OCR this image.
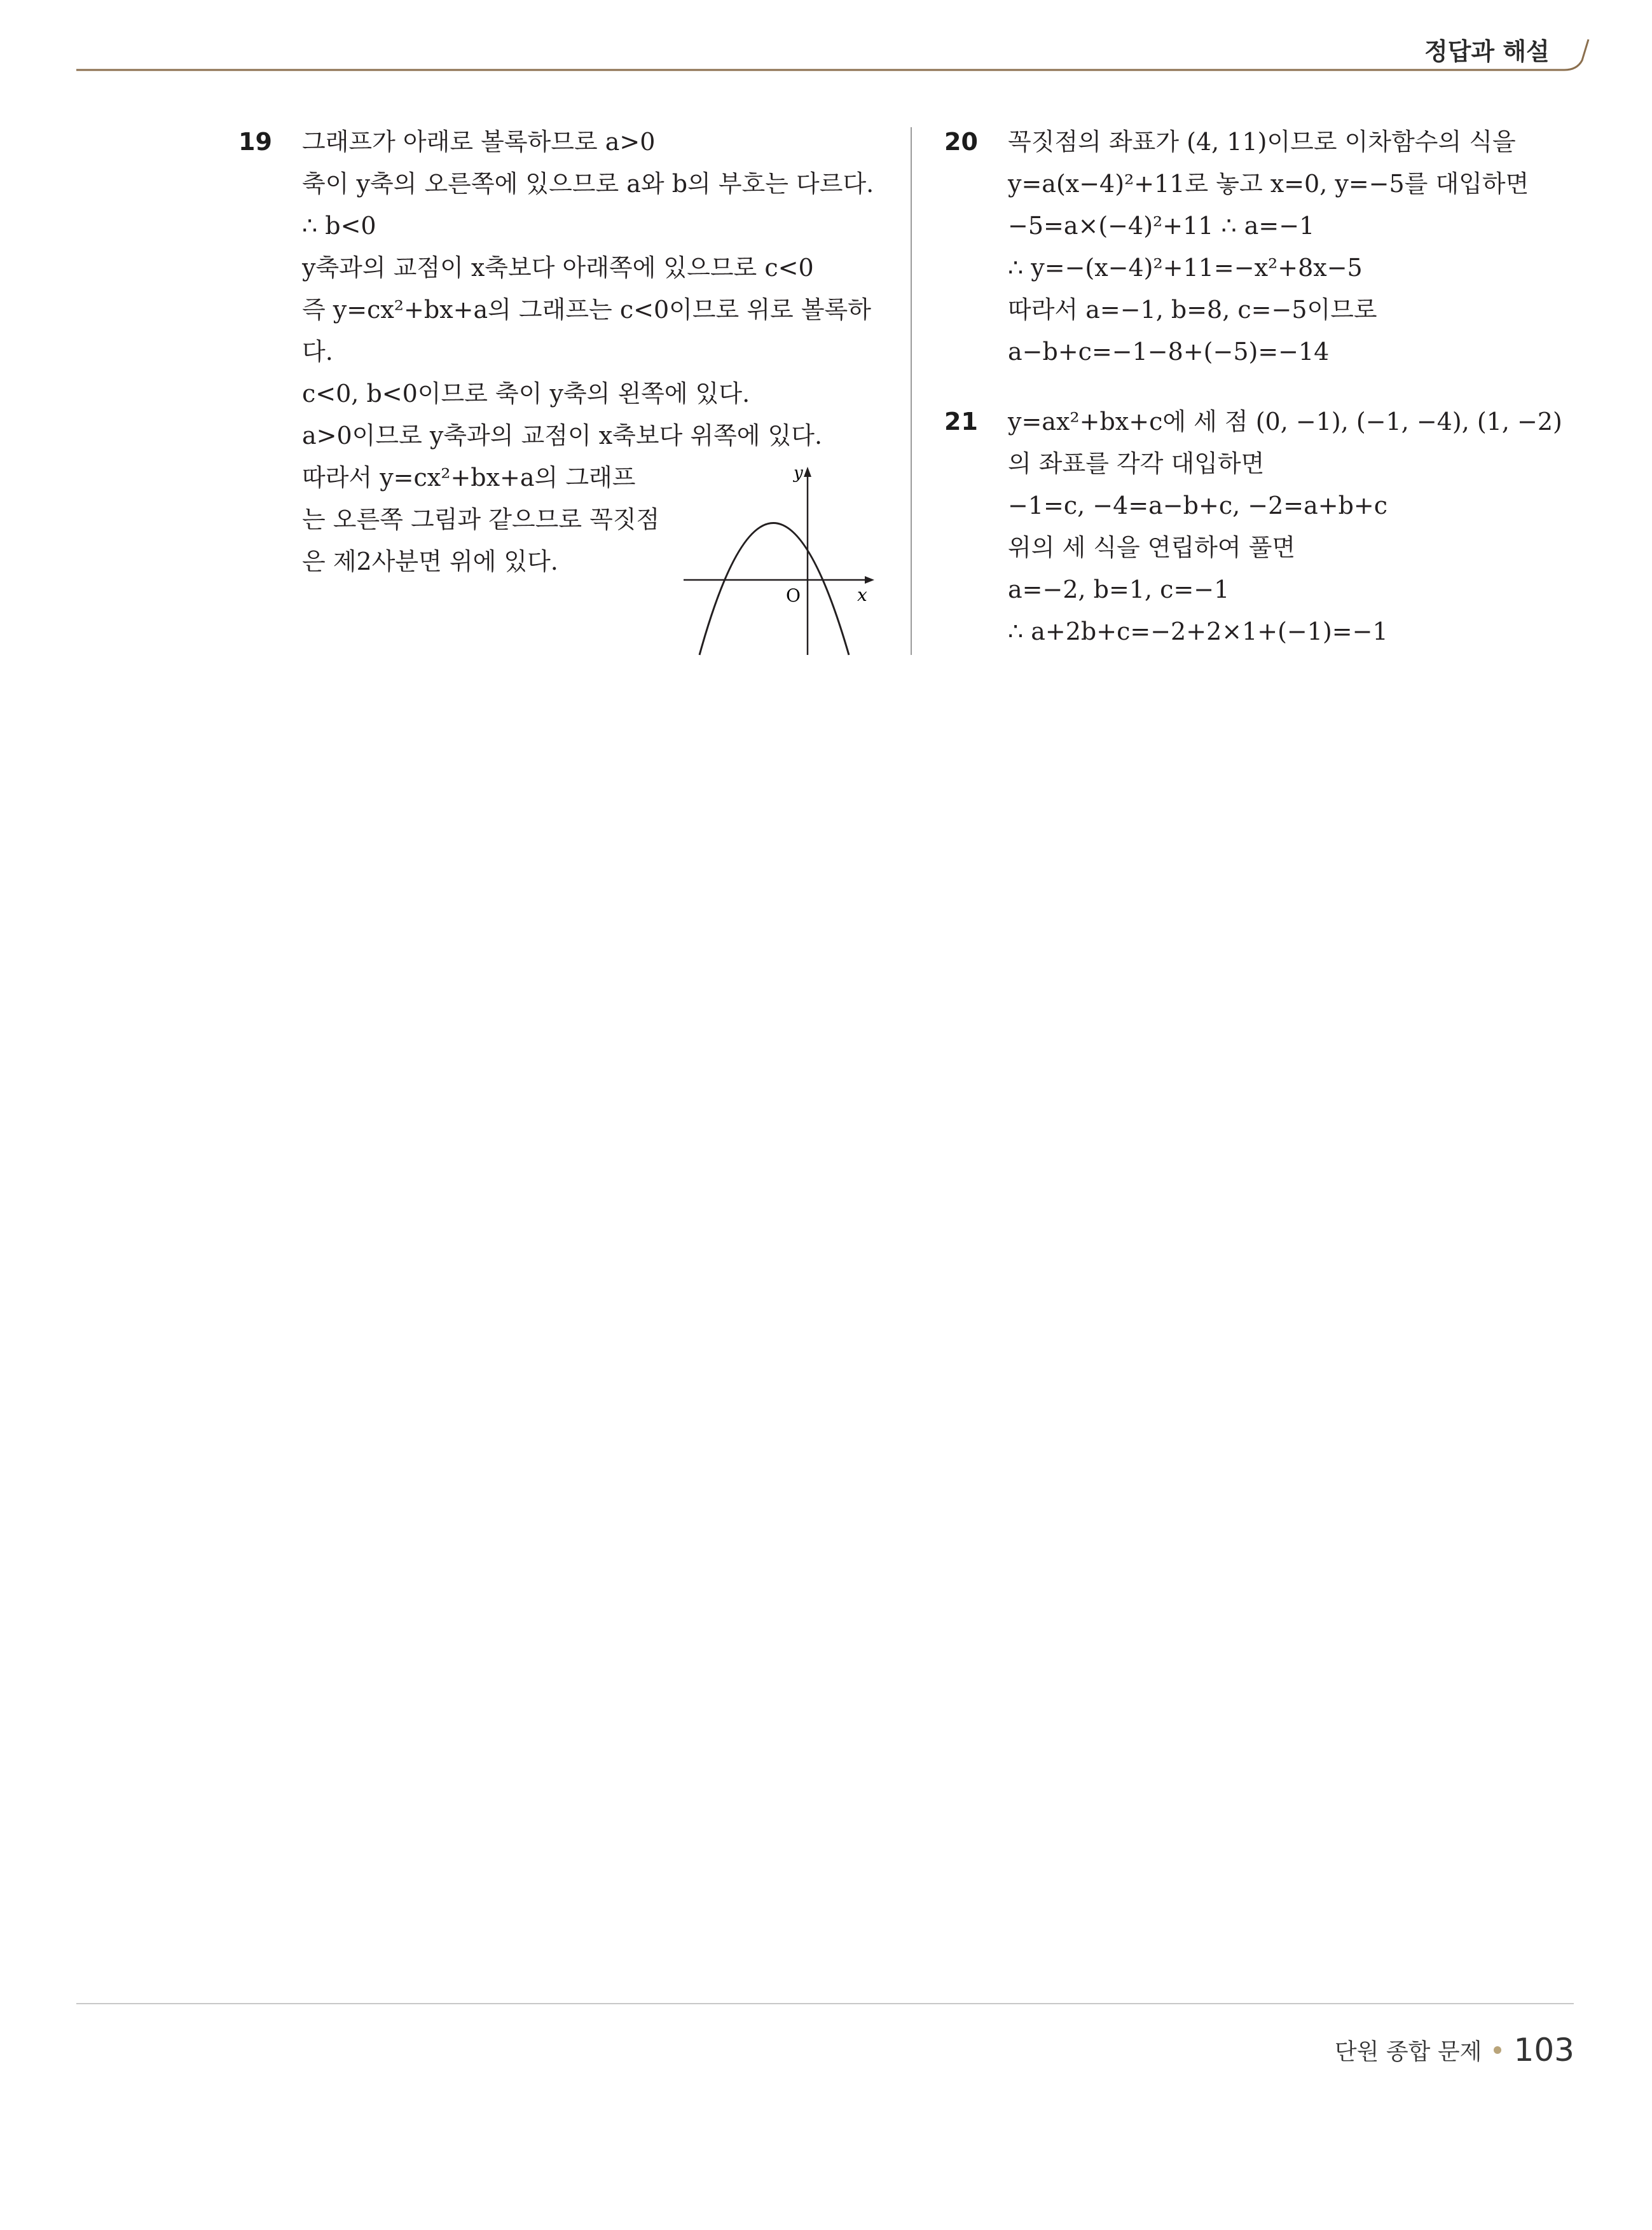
정답과 해설
19 그래프가 아래로 볼록하므로 a>0
축이 y축의 오른쪽에 있으므로 a와 b의 부호는 다르다.
∴ b<0
y축과의 교점이 x축보다 아래쪽에 있으므로 c<0
즉 y=cx²+bx+a의 그래프는 c<0이므로 위로 볼록하
다.
c<0, b<0이므로 축이 y축의 왼쪽에 있다.
a>0이므로 y축과의 교점이 x축보다 위쪽에 있다.
따라서 y=cx²+bx+a의 그래프
는 오른쪽 그림과 같으므로 꼭짓점
은 제2사분면 위에 있다.
y
x
O
20 꼭짓점의 좌표가 (4, 11)이므로 이차함수의 식을
y=a(x−4)²+11로 놓고 x=0, y=−5를 대입하면
−5=a×(−4)²+11 ∴ a=−1
∴ y=−(x−4)²+11=−x²+8x−5
따라서 a=−1, b=8, c=−5이므로
a−b+c=−1−8+(−5)=−14
21 y=ax²+bx+c에 세 점 (0, −1), (−1, −4), (1, −2)
의 좌표를 각각 대입하면
−1=c, −4=a−b+c, −2=a+b+c
위의 세 식을 연립하여 풀면
a=−2, b=1, c=−1
∴ a+2b+c=−2+2×1+(−1)=−1
단원 종합 문제 103
